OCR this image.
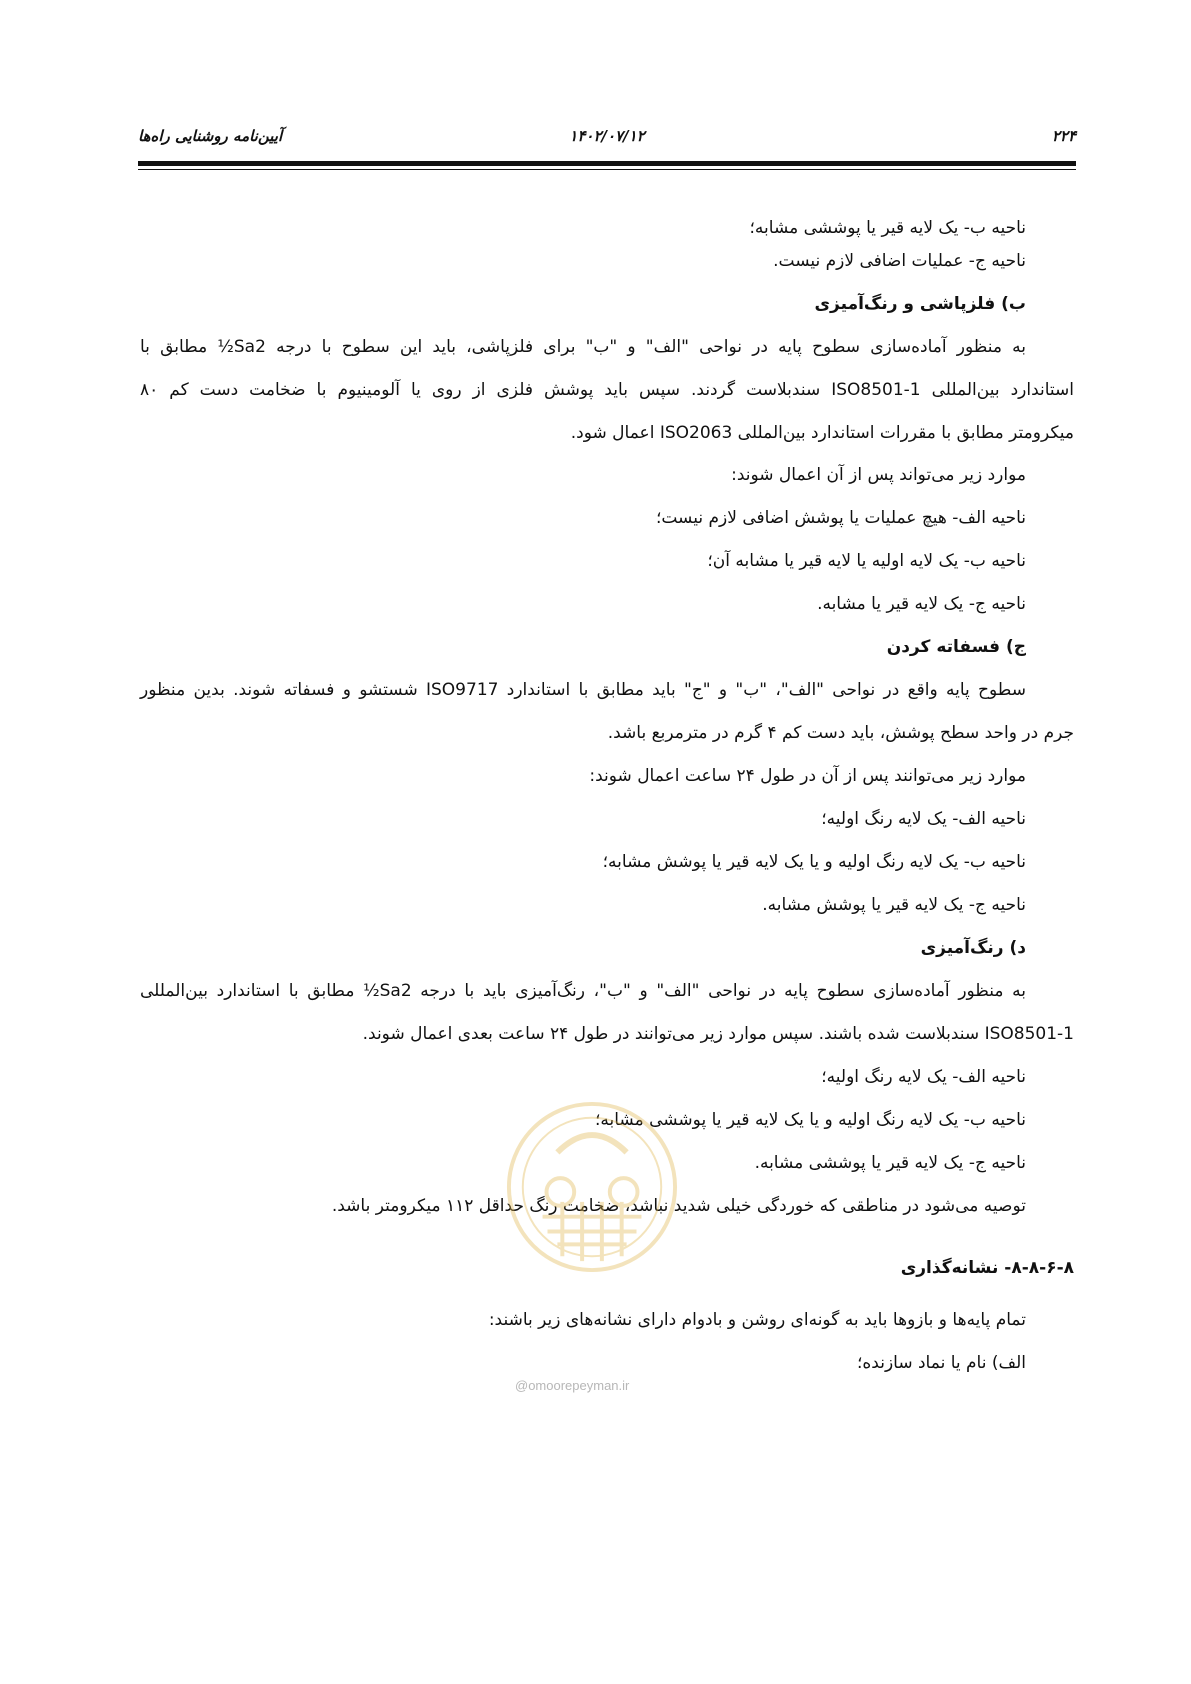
۲۲۴
۱۴۰۲/۰۷/۱۲
آیین‌نامه روشنایی راه‌ها
ناحیه ب- یک لایه قیر یا پوششی مشابه؛
ناحیه ج- عملیات اضافی لازم نیست.
ب) فلزپاشی و رنگ‌آمیزی
به منظور آماده‌سازی سطوح پایه در نواحی "الف" و "ب" برای فلزپاشی، باید این سطوح با درجه Sa2½ مطابق با
استاندارد بین‌المللی ISO8501-1 سندبلاست گردند. سپس باید پوشش فلزی از روی یا آلومینیوم با ضخامت دست کم ۸۰
میکرومتر مطابق با مقررات استاندارد بین‌المللی ISO2063 اعمال شود.
موارد زیر می‌تواند پس از آن اعمال شوند:
ناحیه الف- هیچ عملیات یا پوشش اضافی لازم نیست؛
ناحیه ب- یک لایه اولیه یا لایه قیر یا مشابه آن؛
ناحیه ج- یک لایه قیر یا مشابه.
ج) فسفاته کردن
سطوح پایه واقع در نواحی "الف"، "ب" و "ج" باید مطابق با استاندارد ISO9717 شستشو و فسفاته شوند. بدین منظور
جرم در واحد سطح پوشش، باید دست کم ۴ گرم در مترمربع باشد.
موارد زیر می‌توانند پس از آن در طول ۲۴ ساعت اعمال شوند:
ناحیه الف- یک لایه رنگ اولیه؛
ناحیه ب- یک لایه رنگ اولیه و یا یک لایه قیر یا پوشش مشابه؛
ناحیه ج- یک لایه قیر یا پوشش مشابه.
د) رنگ‌آمیزی
به منظور آماده‌سازی سطوح پایه در نواحی "الف" و "ب"، رنگ‌آمیزی باید با درجه Sa2½ مطابق با استاندارد بین‌المللی
ISO8501-1 سندبلاست شده باشند. سپس موارد زیر می‌توانند در طول ۲۴ ساعت بعدی اعمال شوند.
ناحیه الف- یک لایه رنگ اولیه؛
ناحیه ب- یک لایه رنگ اولیه و یا یک لایه قیر یا پوششی مشابه؛
ناحیه ج- یک لایه قیر یا پوششی مشابه.
توصیه می‌شود در مناطقی که خوردگی خیلی شدید نباشد، ضخامت رنگ حداقل ۱۱۲ میکرومتر باشد.
۸-۸-۶-۸- نشانه‌گذاری
تمام پایه‌ها و بازوها باید به گونه‌ای روشن و بادوام دارای نشانه‌های زیر باشند:
الف) نام یا نماد سازنده؛
@omoorepeyman.ir
